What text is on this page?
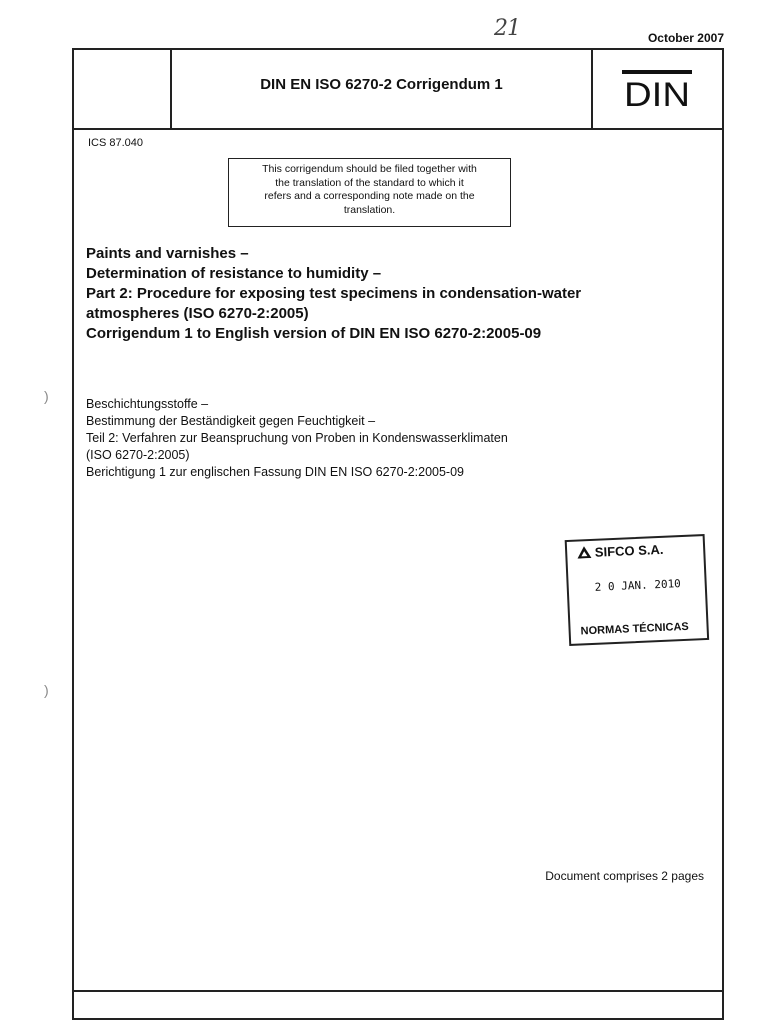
21	October 2007
DIN EN ISO 6270-2 Corrigendum 1	DIN
ICS 87.040
This corrigendum should be filed together with
the translation of the standard to which it
refers and a corresponding note made on the
translation.
Paints and varnishes –
Determination of resistance to humidity –
Part 2: Procedure for exposing test specimens in condensation-water
atmospheres (ISO 6270-2:2005)
Corrigendum 1 to English version of DIN EN ISO 6270-2:2005-09
Beschichtungsstoffe –
Bestimmung der Beständigkeit gegen Feuchtigkeit –
Teil 2: Verfahren zur Beanspruchung von Proben in Kondenswasserklimaten
(ISO 6270-2:2005)
Berichtigung 1 zur englischen Fassung DIN EN ISO 6270-2:2005-09
SIFCO S.A.
2 0 JAN. 2010
NORMAS TÉCNICAS
Document comprises 2 pages
)
)
